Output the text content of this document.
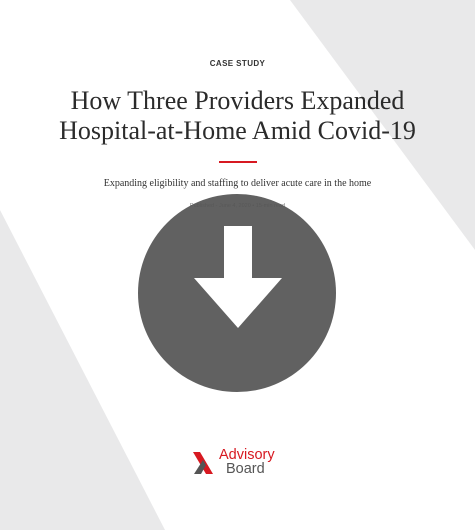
CASE STUDY
How Three Providers Expanded
Hospital-at-Home Amid Covid-19
Expanding eligibility and staffing to deliver acute care in the home
Advisory
Board
